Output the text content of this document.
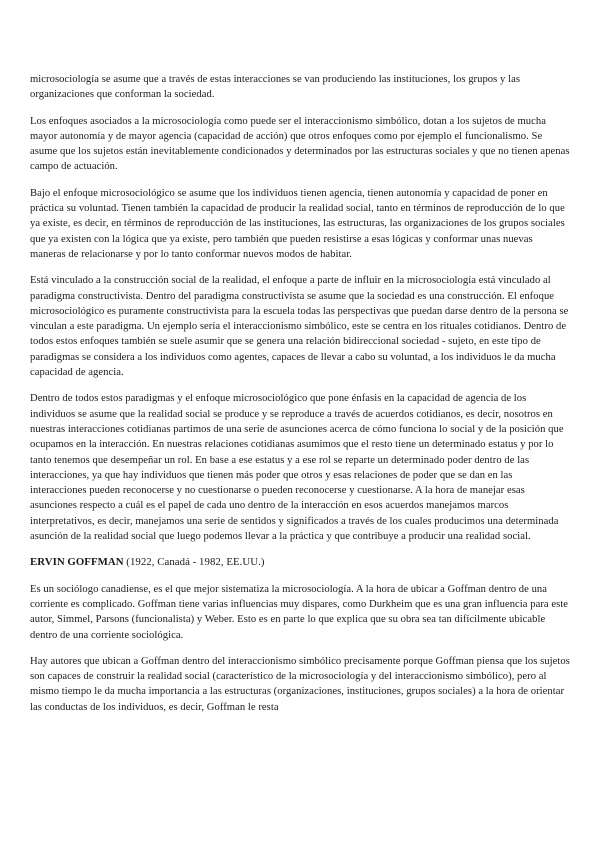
microsociología se asume que a través de estas interacciones se van produciendo las instituciones, los grupos y las organizaciones que conforman la sociedad.

Los enfoques asociados a la microsociología como puede ser el interaccionismo simbólico, dotan a los sujetos de mucha mayor autonomía y de mayor agencia (capacidad de acción) que otros enfoques como por ejemplo el funcionalismo. Se asume que los sujetos están inevitablemente condicionados y determinados por las estructuras sociales y que no tienen apenas campo de actuación.

Bajo el enfoque microsociológico se asume que los individuos tienen agencia, tienen autonomía y capacidad de poner en práctica su voluntad. Tienen también la capacidad de producir la realidad social, tanto en términos de reproducción de lo que ya existe, es decir, en términos de reproducción de las instituciones, las estructuras, las organizaciones de los grupos sociales que ya existen con la lógica que ya existe, pero también que pueden resistirse a esas lógicas y conformar unas nuevas maneras de relacionarse y por lo tanto conformar nuevos modos de habitar.

Está vinculado a la construcción social de la realidad, el enfoque a parte de influir en la microsociología está vinculado al paradigma constructivista. Dentro del paradigma constructivista se asume que la sociedad es una construcción. El enfoque microsociológico es puramente constructivista para la escuela todas las perspectivas que puedan darse dentro de la persona se vinculan a este paradigma. Un ejemplo sería el interaccionismo simbólico, este se centra en los rituales cotidianos. Dentro de todos estos enfoques también se suele asumir que se genera una relación bidireccional sociedad - sujeto, en este tipo de paradigmas se considera a los individuos como agentes, capaces de llevar a cabo su voluntad, a los individuos le da mucha capacidad de agencia.

Dentro de todos estos paradigmas y el enfoque microsociológico que pone énfasis en la capacidad de agencia de los individuos se asume que la realidad social se produce y se reproduce a través de acuerdos cotidianos, es decir, nosotros en nuestras interacciones cotidianas partimos de una serie de asunciones acerca de cómo funciona lo social y de la posición que ocupamos en la interacción. En nuestras relaciones cotidianas asumimos que el resto tiene un determinado estatus y por lo tanto tenemos que desempeñar un rol. En base a ese estatus y a ese rol se reparte un determinado poder dentro de las interacciones, ya que hay individuos que tienen más poder que otros y esas relaciones de poder que se dan en las interacciones pueden reconocerse y no cuestionarse o pueden reconocerse y cuestionarse. A la hora de manejar esas asunciones respecto a cuál es el papel de cada uno dentro de la interacción en esos acuerdos manejamos marcos interpretativos, es decir, manejamos una serie de sentidos y significados a través de los cuales producimos una determinada asunción de la realidad social que luego podemos llevar a la práctica y que contribuye a producir una realidad social.

ERVIN GOFFMAN (1922, Canadá - 1982, EE.UU.)

Es un sociólogo canadiense, es el que mejor sistematiza la microsociología. A la hora de ubicar a Goffman dentro de una corriente es complicado. Goffman tiene varias influencias muy dispares, como Durkheim que es una gran influencia para este autor, Simmel, Parsons (funcionalista) y Weber. Esto es en parte lo que explica que su obra sea tan difícilmente ubicable dentro de una corriente sociológica.

Hay autores que ubican a Goffman dentro del interaccionismo simbólico precisamente porque Goffman piensa que los sujetos son capaces de construir la realidad social (característico de la microsociología y del interaccionismo simbólico), pero al mismo tiempo le da mucha importancia a las estructuras (organizaciones, instituciones, grupos sociales) a la hora de orientar las conductas de los individuos, es decir, Goffman le resta
